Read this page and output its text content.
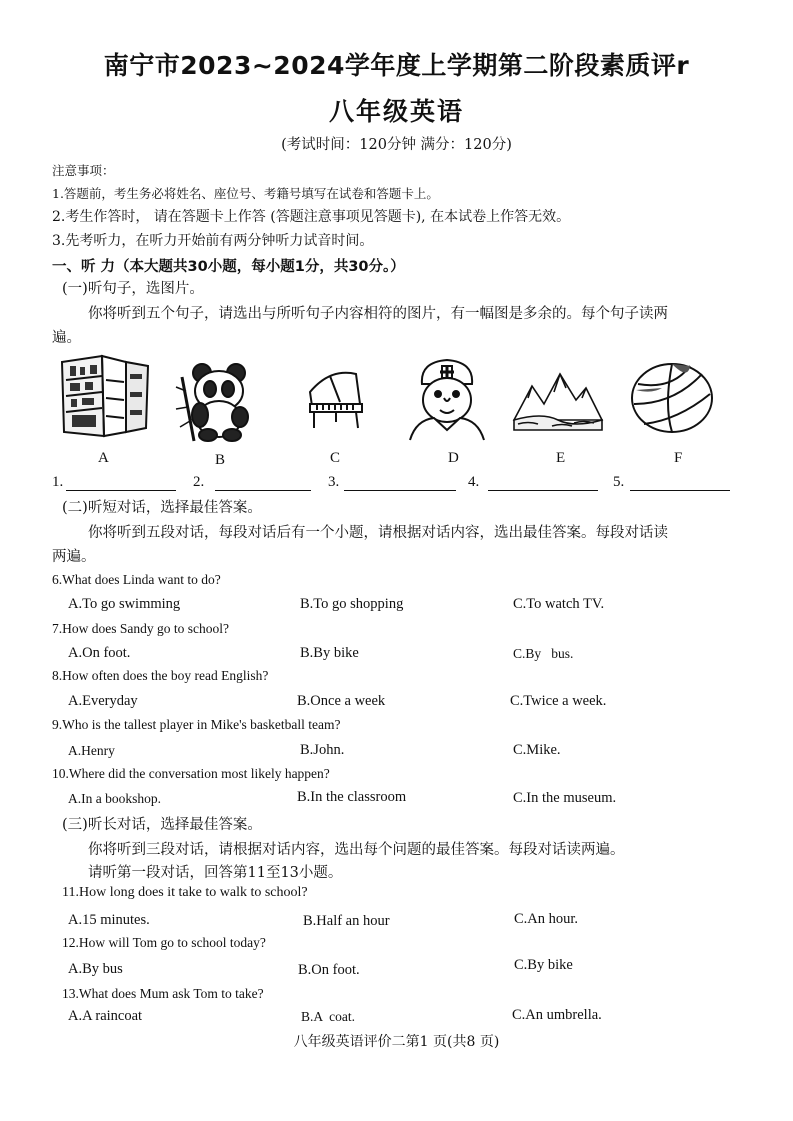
南宁市2023~2024学年度上学期第二阶段素质评r
八年级英语
(考试时间：120分钟 满分：120分)
注意事项：
1.答题前，考生务必将姓名、座位号、考籍号填写在试卷和答题卡上。
2.考生作答时， 请在答题卡上作答 (答题注意事项见答题卡), 在本试卷上作答无效。
3.先考听力，在听力开始前有两分钟听力试音时间。
一、听 力（本大题共30小题，每小题1分，共30分。）
(一)听句子，选图片。
你将听到五个句子，请选出与所听句子内容相符的图片，有一幅图是多余的。每个句子读两
遍。
A	B	C	D	E	F
1.	2.	3.	4.	5.
(二)听短对话，选择最佳答案。
你将听到五段对话，每段对话后有一个小题，请根据对话内容，选出最佳答案。每段对话读
两遍。
6.What does Linda want to do?
A.To go swimming	B.To go shopping	C.To watch TV.
7.How does Sandy go to school?
A.On foot.	B.By bike	C.By   bus.
8.How often does the boy read English?
A.Everyday	B.Once a week	C.Twice a week.
9.Who is the tallest player in Mike's basketball team?
A.Henry	B.John.	C.Mike.
10.Where did the conversation most likely happen?
A.In a bookshop.	B.In the classroom	C.In the museum.
(三)听长对话，选择最佳答案。
你将听到三段对话，请根据对话内容，选出每个问题的最佳答案。每段对话读两遍。
请听第一段对话，回答第11至13小题。
11.How long does it take to walk to school?
A.15 minutes.	B.Half an hour	C.An hour.
12.How will Tom go to school today?
A.By bus	B.On foot.	C.By bike
13.What does Mum ask Tom to take?
A.A raincoat	B.A  coat.	C.An umbrella.
八年级英语评价二第1 页(共8 页)
